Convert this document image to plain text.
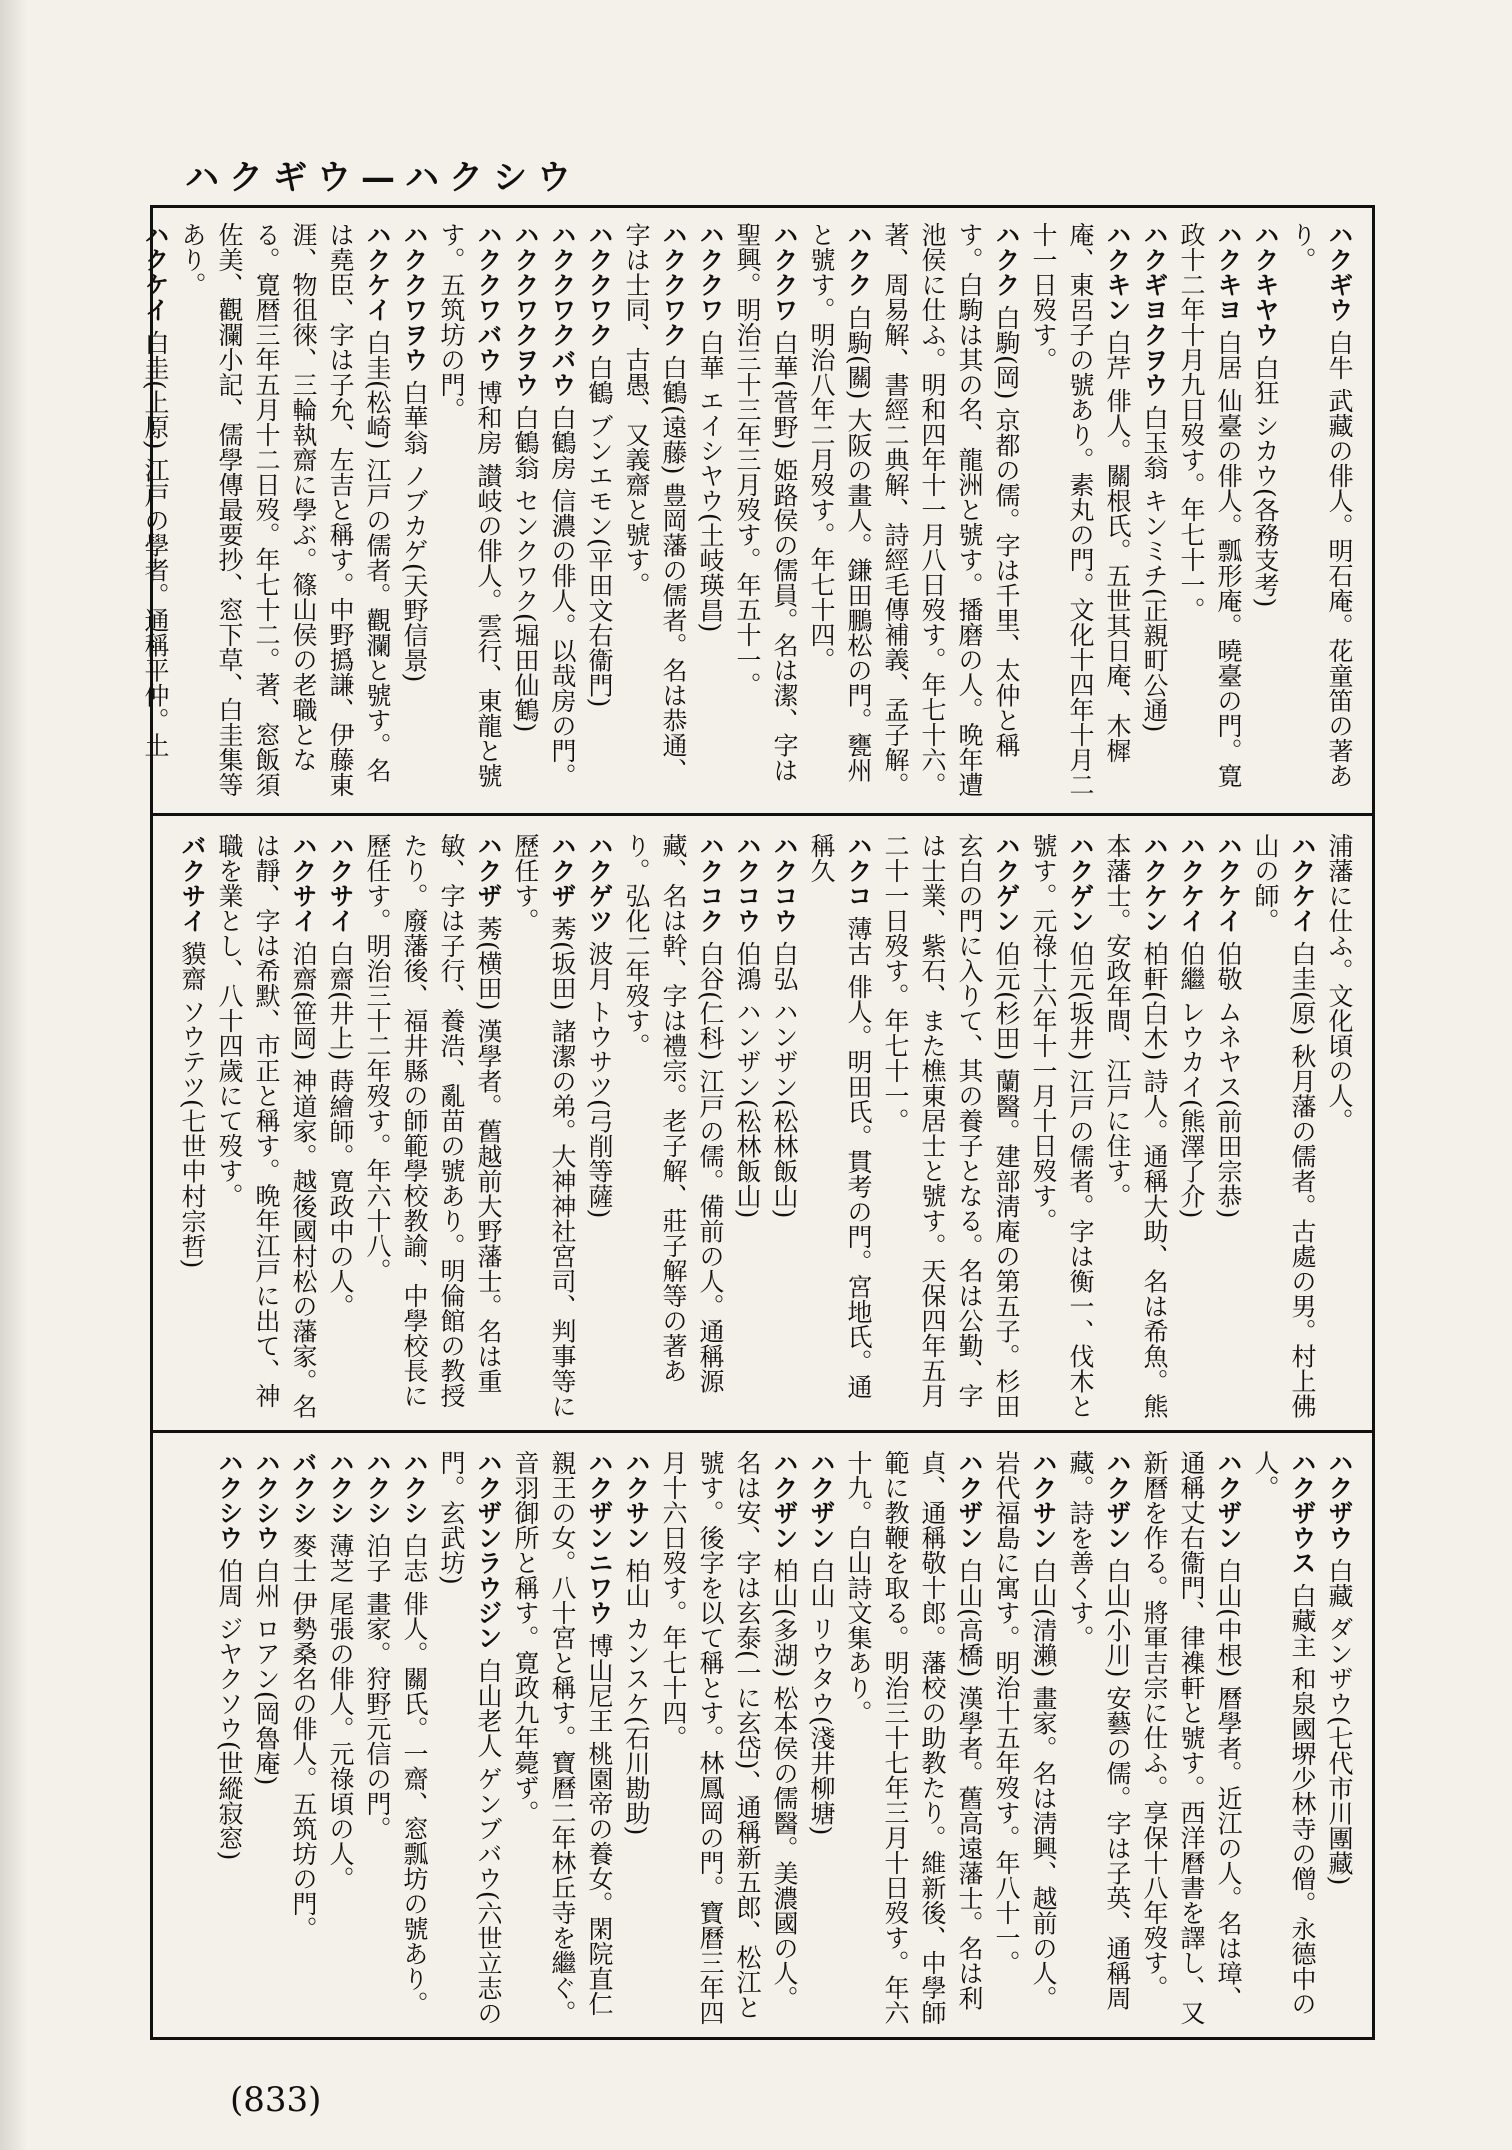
ハクギウ—ハクシウ

ハクギウ 白牛 武藏の俳人。明石庵。花童笛の著あり。

ハクキヤウ 白狂 シカウ(各務支考)

ハクキヨ 白居 仙臺の俳人。瓢形庵。曉臺の門。寛政十二年十月九日歿す。年七十一。

ハクギヨクヲウ 白玉翁 キンミチ(正親町公通)

ハクキン 白芹 俳人。關根氏。五世其日庵、木樨庵、東呂子の號あり。素丸の門。文化十四年十月二十一日歿す。

ハクク 白駒(岡) 京都の儒。字は千里、太仲と稱す。白駒は其の名、龍洲と號す。播磨の人。晩年遭池侯に仕ふ。明和四年十一月八日歿す。年七十六。著、周易解、書經二典解、詩經毛傳補義、孟子解。

ハクク 白駒(關) 大阪の畫人。鎌田鵬松の門。甕州と號す。明治八年二月歿す。年七十四。

ハククワ 白華(菅野) 姫路侯の儒員。名は潔、字は聖興。明治三十三年三月歿す。年五十一。

ハククワ 白華 エイシヤウ(土岐瑛昌)

ハククワク 白鶴(遠藤) 豊岡藩の儒者。名は恭通、字は士同、古愚、又義齋と號す。

ハククワク 白鶴 ブンエモン(平田文右衞門)

ハククワクバウ 白鶴房 信濃の俳人。以哉房の門。

ハククワクヲウ 白鶴翁 センクワク(堀田仙鶴)

ハククワバウ 博和房 讃岐の俳人。雲行、東龍と號す。五筑坊の門。

ハククワヲウ 白華翁 ノブカゲ(天野信景)

ハクケイ 白圭(松崎) 江戸の儒者。觀瀾と號す。名は堯臣、字は子允、左吉と稱す。中野撝謙、伊藤東涯、物徂徠、三輪執齋に學ぶ。篠山侯の老職となる。寛暦三年五月十二日歿。年七十二。著、窓飯須佐美、觀瀾小記、儒學傳最要抄、窓下草、白圭集等あり。

ハクケイ 白圭(上原) 江戸の學者。通稱平仲。土

浦藩に仕ふ。文化頃の人。

ハクケイ 白圭(原) 秋月藩の儒者。古處の男。村上佛山の師。

ハクケイ 伯敬 ムネヤス(前田宗恭)

ハクケイ 伯繼 レウカイ(熊澤了介)

ハクケン 柏軒(白木) 詩人。通稱大助、名は希魚。熊本藩士。安政年間、江戸に住す。

ハクゲン 伯元(坂井) 江戸の儒者。字は衡一、伐木と號す。元祿十六年十一月十日歿す。

ハクゲン 伯元(杉田) 蘭醫。建部淸庵の第五子。杉田玄白の門に入りて、其の養子となる。名は公勤、字は士業、紫石、また樵東居士と號す。天保四年五月二十一日歿す。年七十一。

ハクコ 薄古 俳人。明田氏。貫考の門。宮地氏。通稱久

ハクコウ 白弘 ハンザン(松林飯山)

ハクコウ 伯鴻 ハンザン(松林飯山)

ハクコク 白谷(仁科) 江戸の儒。備前の人。通稱源藏、名は幹、字は禮宗。老子解、莊子解等の著あり。弘化二年歿す。

ハクゲツ 波月 トウサツ(弓削等薩)

ハクザ 莠(坂田) 諸潔の弟。大神神社宮司、判事等に歷任す。

ハクザ 莠(横田) 漢學者。舊越前大野藩士。名は重敏、字は子行、養浩、亂苗の號あり。明倫館の教授たり。廢藩後、福井縣の師範學校教諭、中學校長に歷任す。明治三十二年歿す。年六十八。

ハクサイ 白齋(井上) 蒔繪師。寛政中の人。

ハクサイ 泊齋(笹岡) 神道家。越後國村松の藩家。名は靜、字は希默、市正と稱す。晩年江戸に出て、神職を業とし、八十四歲にて歿す。

バクサイ 貘齋 ソウテツ(七世中村宗哲)

ハクザウ 白藏 ダンザウ(七代市川團藏)

ハクザウス 白藏主 和泉國堺少林寺の僧。永德中の人。

ハクザン 白山(中根) 曆學者。近江の人。名は璋、通稱丈右衞門、律襍軒と號す。西洋曆書を譯し、又新曆を作る。將軍吉宗に仕ふ。享保十八年歿す。

ハクザン 白山(小川) 安藝の儒。字は子英、通稱周藏。詩を善くす。

ハクサン 白山(清瀨) 畫家。名は淸興、越前の人。岩代福島に寓す。明治十五年歿す。年八十一。

ハクザン 白山(高橋) 漢學者。舊高遠藩士。名は利貞、通稱敬十郎。藩校の助教たり。維新後、中學師範に教鞭を取る。明治三十七年三月十日歿す。年六十九。白山詩文集あり。

ハクザン 白山 リウタウ(淺井柳塘)

ハクザン 柏山(多湖) 松本侯の儒醫。美濃國の人。名は安、字は玄泰(一に玄岱)、通稱新五郎、松江と號す。後字を以て稱とす。林鳳岡の門。寶曆三年四月十六日歿す。年七十四。

ハクサン 柏山 カンスケ(石川勘助)

ハクザンニワウ 博山尼王 桃園帝の養女。閑院直仁親王の女。八十宮と稱す。寶曆二年林丘寺を繼ぐ。音羽御所と稱す。寛政九年薨ず。

ハクザンラウジン 白山老人 ゲンブバウ(六世立志の門。玄武坊)

ハクシ 白志 俳人。關氏。一齋、窓瓢坊の號あり。

ハクシ 泊子 畫家。狩野元信の門。

ハクシ 薄芝 尾張の俳人。元祿頃の人。

バクシ 麥士 伊勢桑名の俳人。五筑坊の門。

ハクシウ 白州 ロアン(岡魯庵)

ハクシウ 伯周 ジヤクソウ(世縱寂窓)

(833)
